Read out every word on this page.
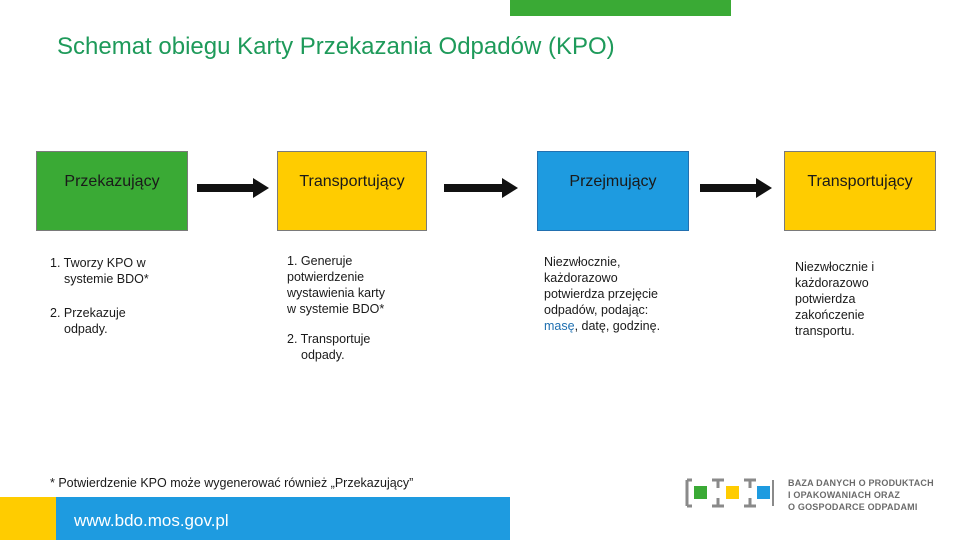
Schemat obiegu Karty Przekazania Odpadów (KPO)
Przekazujący	Transportujący	Przejmujący	Transportujący

1. Tworzy KPO w

systemie BDO*

2. Przekazuje

odpady.

1. Generuje

potwierdzenie

wystawienia karty

w systemie BDO*

2. Transportuje

odpady.

Niezwłocznie,

każdorazowo

potwierdza przejęcie

odpadów, podając:

masę, datę, godzinę.

Niezwłocznie i

każdorazowo

potwierdza

zakończenie

transportu.

* Potwierdzenie KPO może wygenerować również „Przekazujący”
www.bdo.mos.gov.pl
BAZA DANYCH O PRODUKTACH
I OPAKOWANIACH ORAZ
O GOSPODARCE ODPADAMI
